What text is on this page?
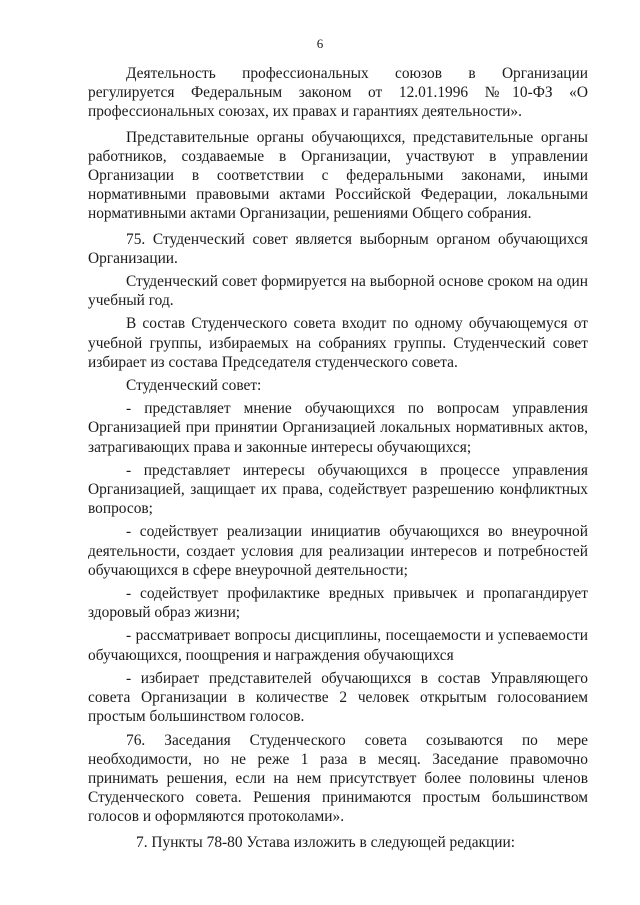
6

Деятельность профессиональных союзов в Организации регулируется Федеральным законом от 12.01.1996 №10-ФЗ «О профессиональных союзах, их правах и гарантиях деятельности».

Представительные органы обучающихся, представительные органы работников, создаваемые в Организации, участвуют в управлении Организации в соответствии с федеральными законами, иными нормативными правовыми актами Российской Федерации, локальными нормативными актами Организации, решениями Общего собрания.

75. Студенческий совет является выборным органом обучающихся Организации.

Студенческий совет формируется на выборной основе сроком на один учебный год.

В состав Студенческого совета входит по одному обучающемуся от учебной группы, избираемых на собраниях группы. Студенческий совет избирает из состава Председателя студенческого совета.

Студенческий совет:

- представляет мнение обучающихся по вопросам управления Организацией при принятии Организацией локальных нормативных актов, затрагивающих права и законные интересы обучающихся;

- представляет интересы обучающихся в процессе управления Организацией, защищает их права, содействует разрешению конфликтных вопросов;

- содействует реализации инициатив обучающихся во внеурочной деятельности, создает условия для реализации интересов и потребностей обучающихся в сфере внеурочной деятельности;

- содействует профилактике вредных привычек и пропагандирует здоровый образ жизни;

- рассматривает вопросы дисциплины, посещаемости и успеваемости обучающихся, поощрения и награждения обучающихся

- избирает представителей обучающихся в состав Управляющего совета Организации в количестве 2 человек открытым голосованием простым большинством голосов.

76. Заседания Студенческого совета созываются по мере необходимости, но не реже 1 раза в месяц. Заседание правомочно принимать решения, если на нем присутствует более половины членов Студенческого совета. Решения принимаются простым большинством голосов и оформляются протоколами».

7. Пункты 78-80 Устава изложить в следующей редакции:
